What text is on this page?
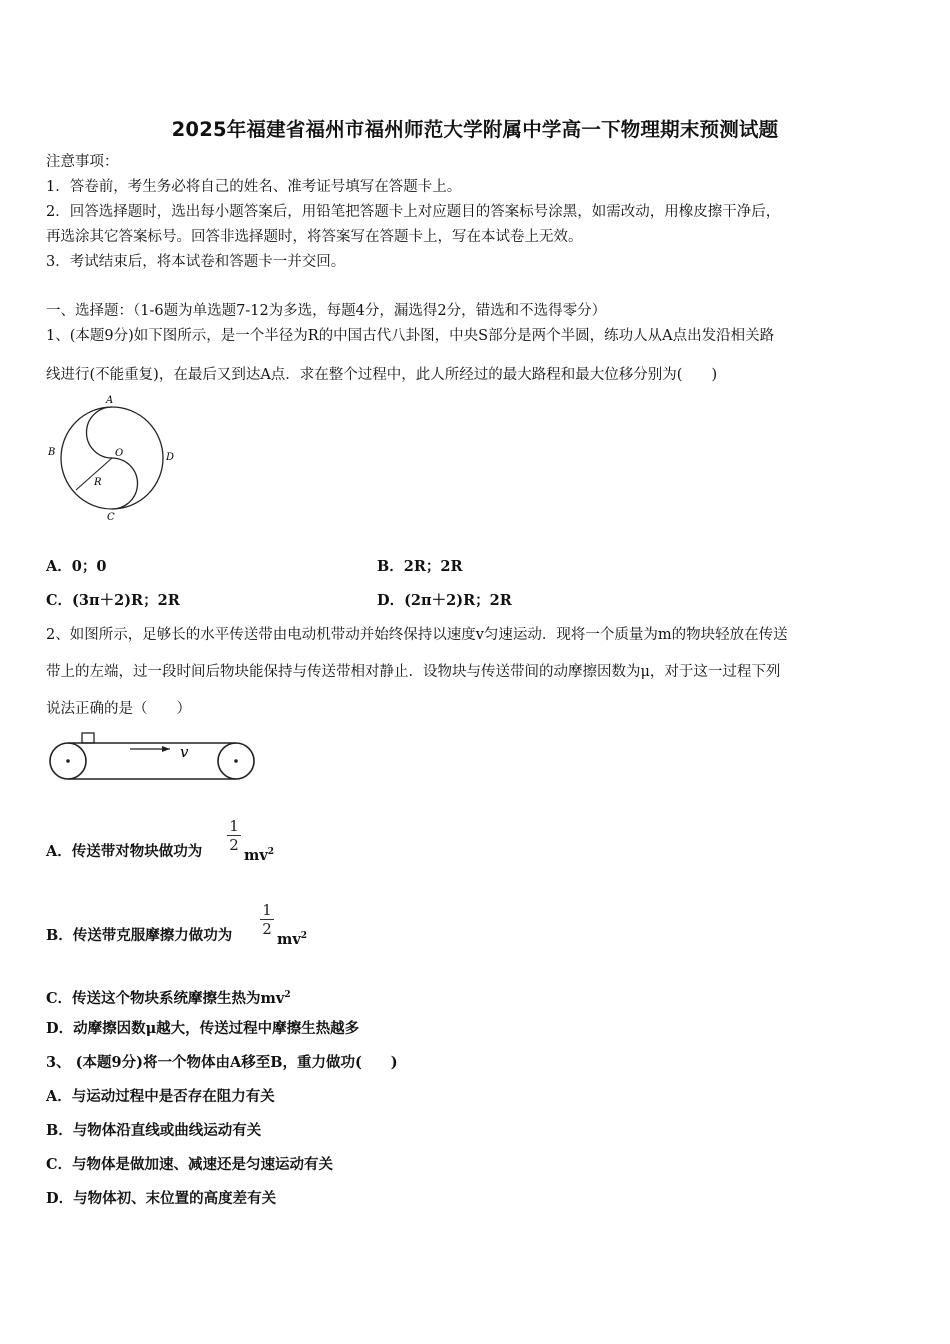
2025年福建省福州市福州师范大学附属中学高一下物理期末预测试题
注意事项：
1．答卷前，考生务必将自己的姓名、准考证号填写在答题卡上。
2．回答选择题时，选出每小题答案后，用铅笔把答题卡上对应题目的答案标号涂黑，如需改动，用橡皮擦干净后，
再选涂其它答案标号。回答非选择题时，将答案写在答题卡上，写在本试卷上无效。
3．考试结束后，将本试卷和答题卡一并交回。
一、选择题：（1-6题为单选题7-12为多选，每题4分，漏选得2分，错选和不选得零分）
1、(本题9分)如下图所示，是一个半径为R的中国古代八卦图，中央S部分是两个半圆，练功人从A点出发沿相关路
线进行(不能重复)，在最后又到达A点．求在整个过程中，此人所经过的最大路程和最大位移分别为(　　)
A
B
C
D
O
R
A．0；0	B．2R；2R
C．(3π＋2)R；2R	D．(2π＋2)R；2R
2、如图所示，足够长的水平传送带由电动机带动并始终保持以速度v匀速运动．现将一个质量为m的物块轻放在传送
带上的左端，过一段时间后物块能保持与传送带相对静止．设物块与传送带间的动摩擦因数为μ，对于这一过程下列
说法正确的是（　　）
v
A．传送带对物块做功为
1
2
$mv^2$
B．传送带克服摩擦力做功为
1
2
$mv^2$
C．传送这个物块系统摩擦生热为$mv^2$
D．动摩擦因数μ越大，传送过程中摩擦生热越多
3、 (本题9分)将一个物体由A移至B，重力做功(　　)
A．与运动过程中是否存在阻力有关
B．与物体沿直线或曲线运动有关
C．与物体是做加速、减速还是匀速运动有关
D．与物体初、末位置的高度差有关
